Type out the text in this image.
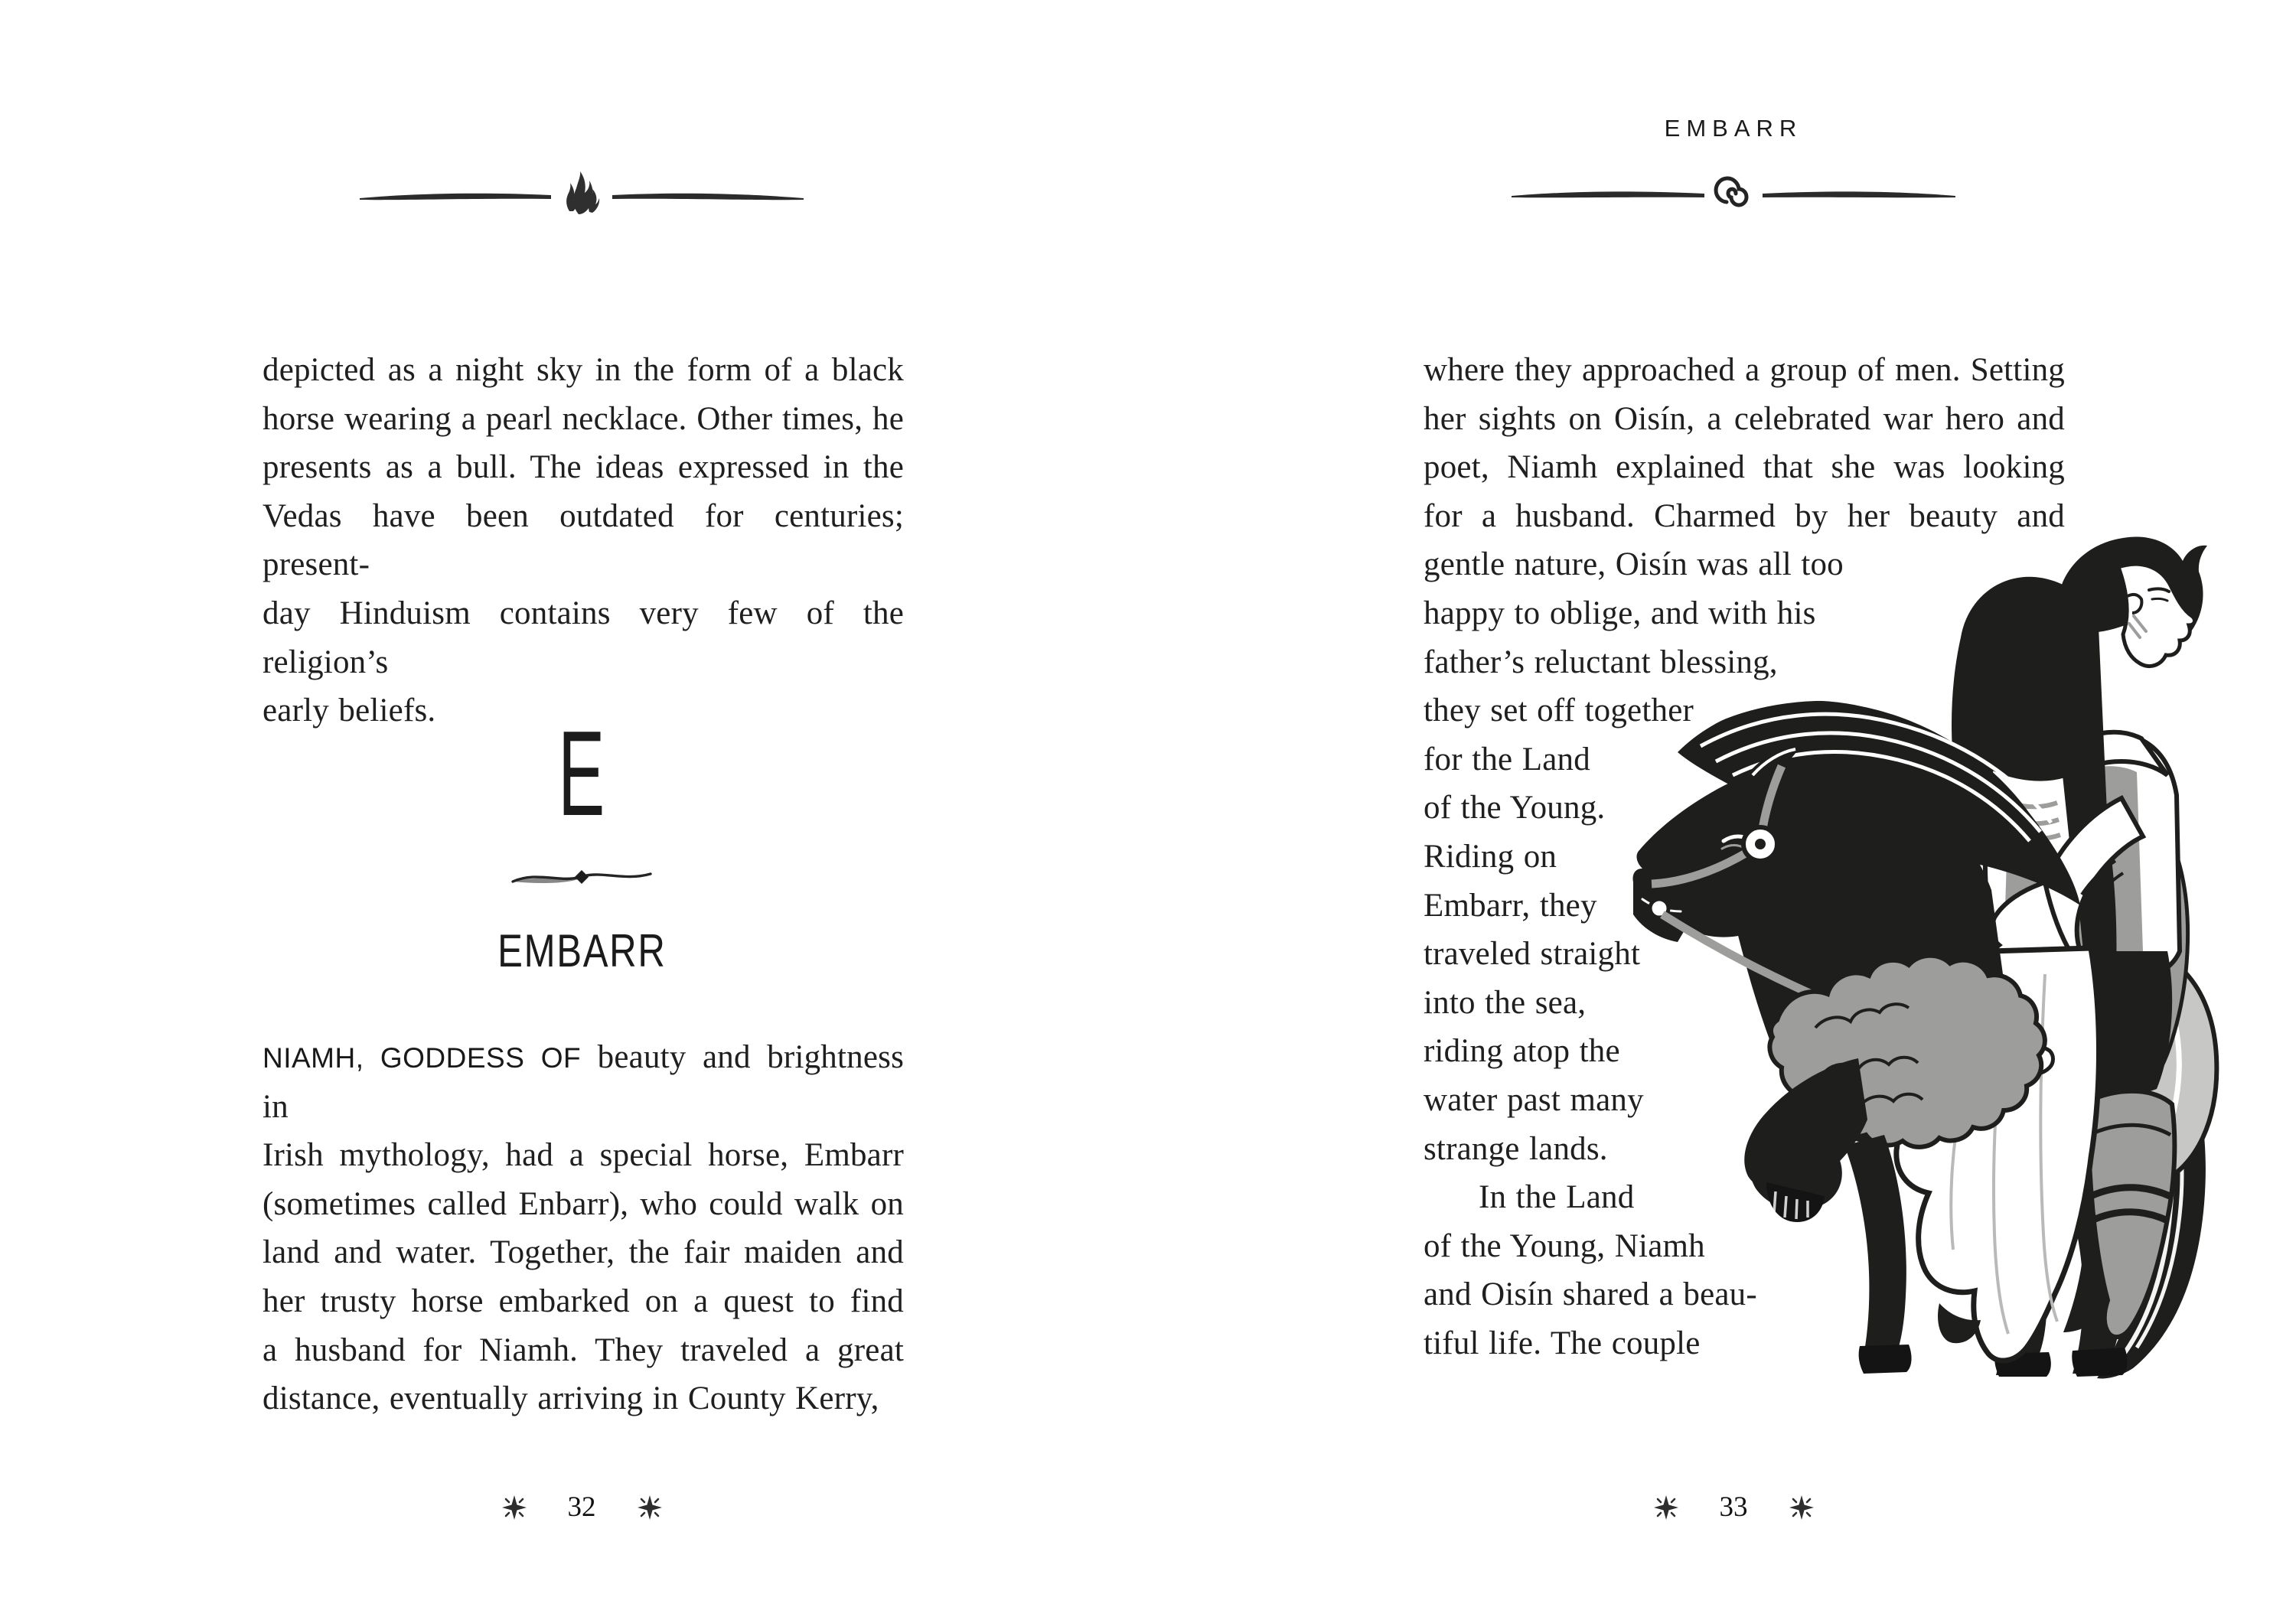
depicted as a night sky in the form of a black
horse wearing a pearl necklace. Other times, he
presents as a bull. The ideas expressed in the
Vedas have been outdated for centuries; present-
day Hinduism contains very few of the religion’s
early beliefs.	E
EMBARR
NIAMH, GODDESS OF beauty and brightness in
Irish mythology, had a special horse, Embarr
(sometimes called Enbarr), who could walk on
land and water. Together, the fair maiden and
her trusty horse embarked on a quest to find
a husband for Niamh. They traveled a great
distance, eventually arriving in County Kerry,
32
EMBARR
where they approached a group of men. Setting
her sights on Oisín, a celebrated war hero and
poet, Niamh explained that she was looking
for a husband. Charmed by her beauty and
gentle nature, Oisín was all too
happy to oblige, and with his
father’s reluctant blessing,
they set off together
for the Land
of the Young.
Riding on
Embarr, they
traveled straight
into the sea,
riding atop the
water past many
strange lands.
In the Land
of the Young, Niamh
and Oisín shared a beau-
tiful life. The couple
33
